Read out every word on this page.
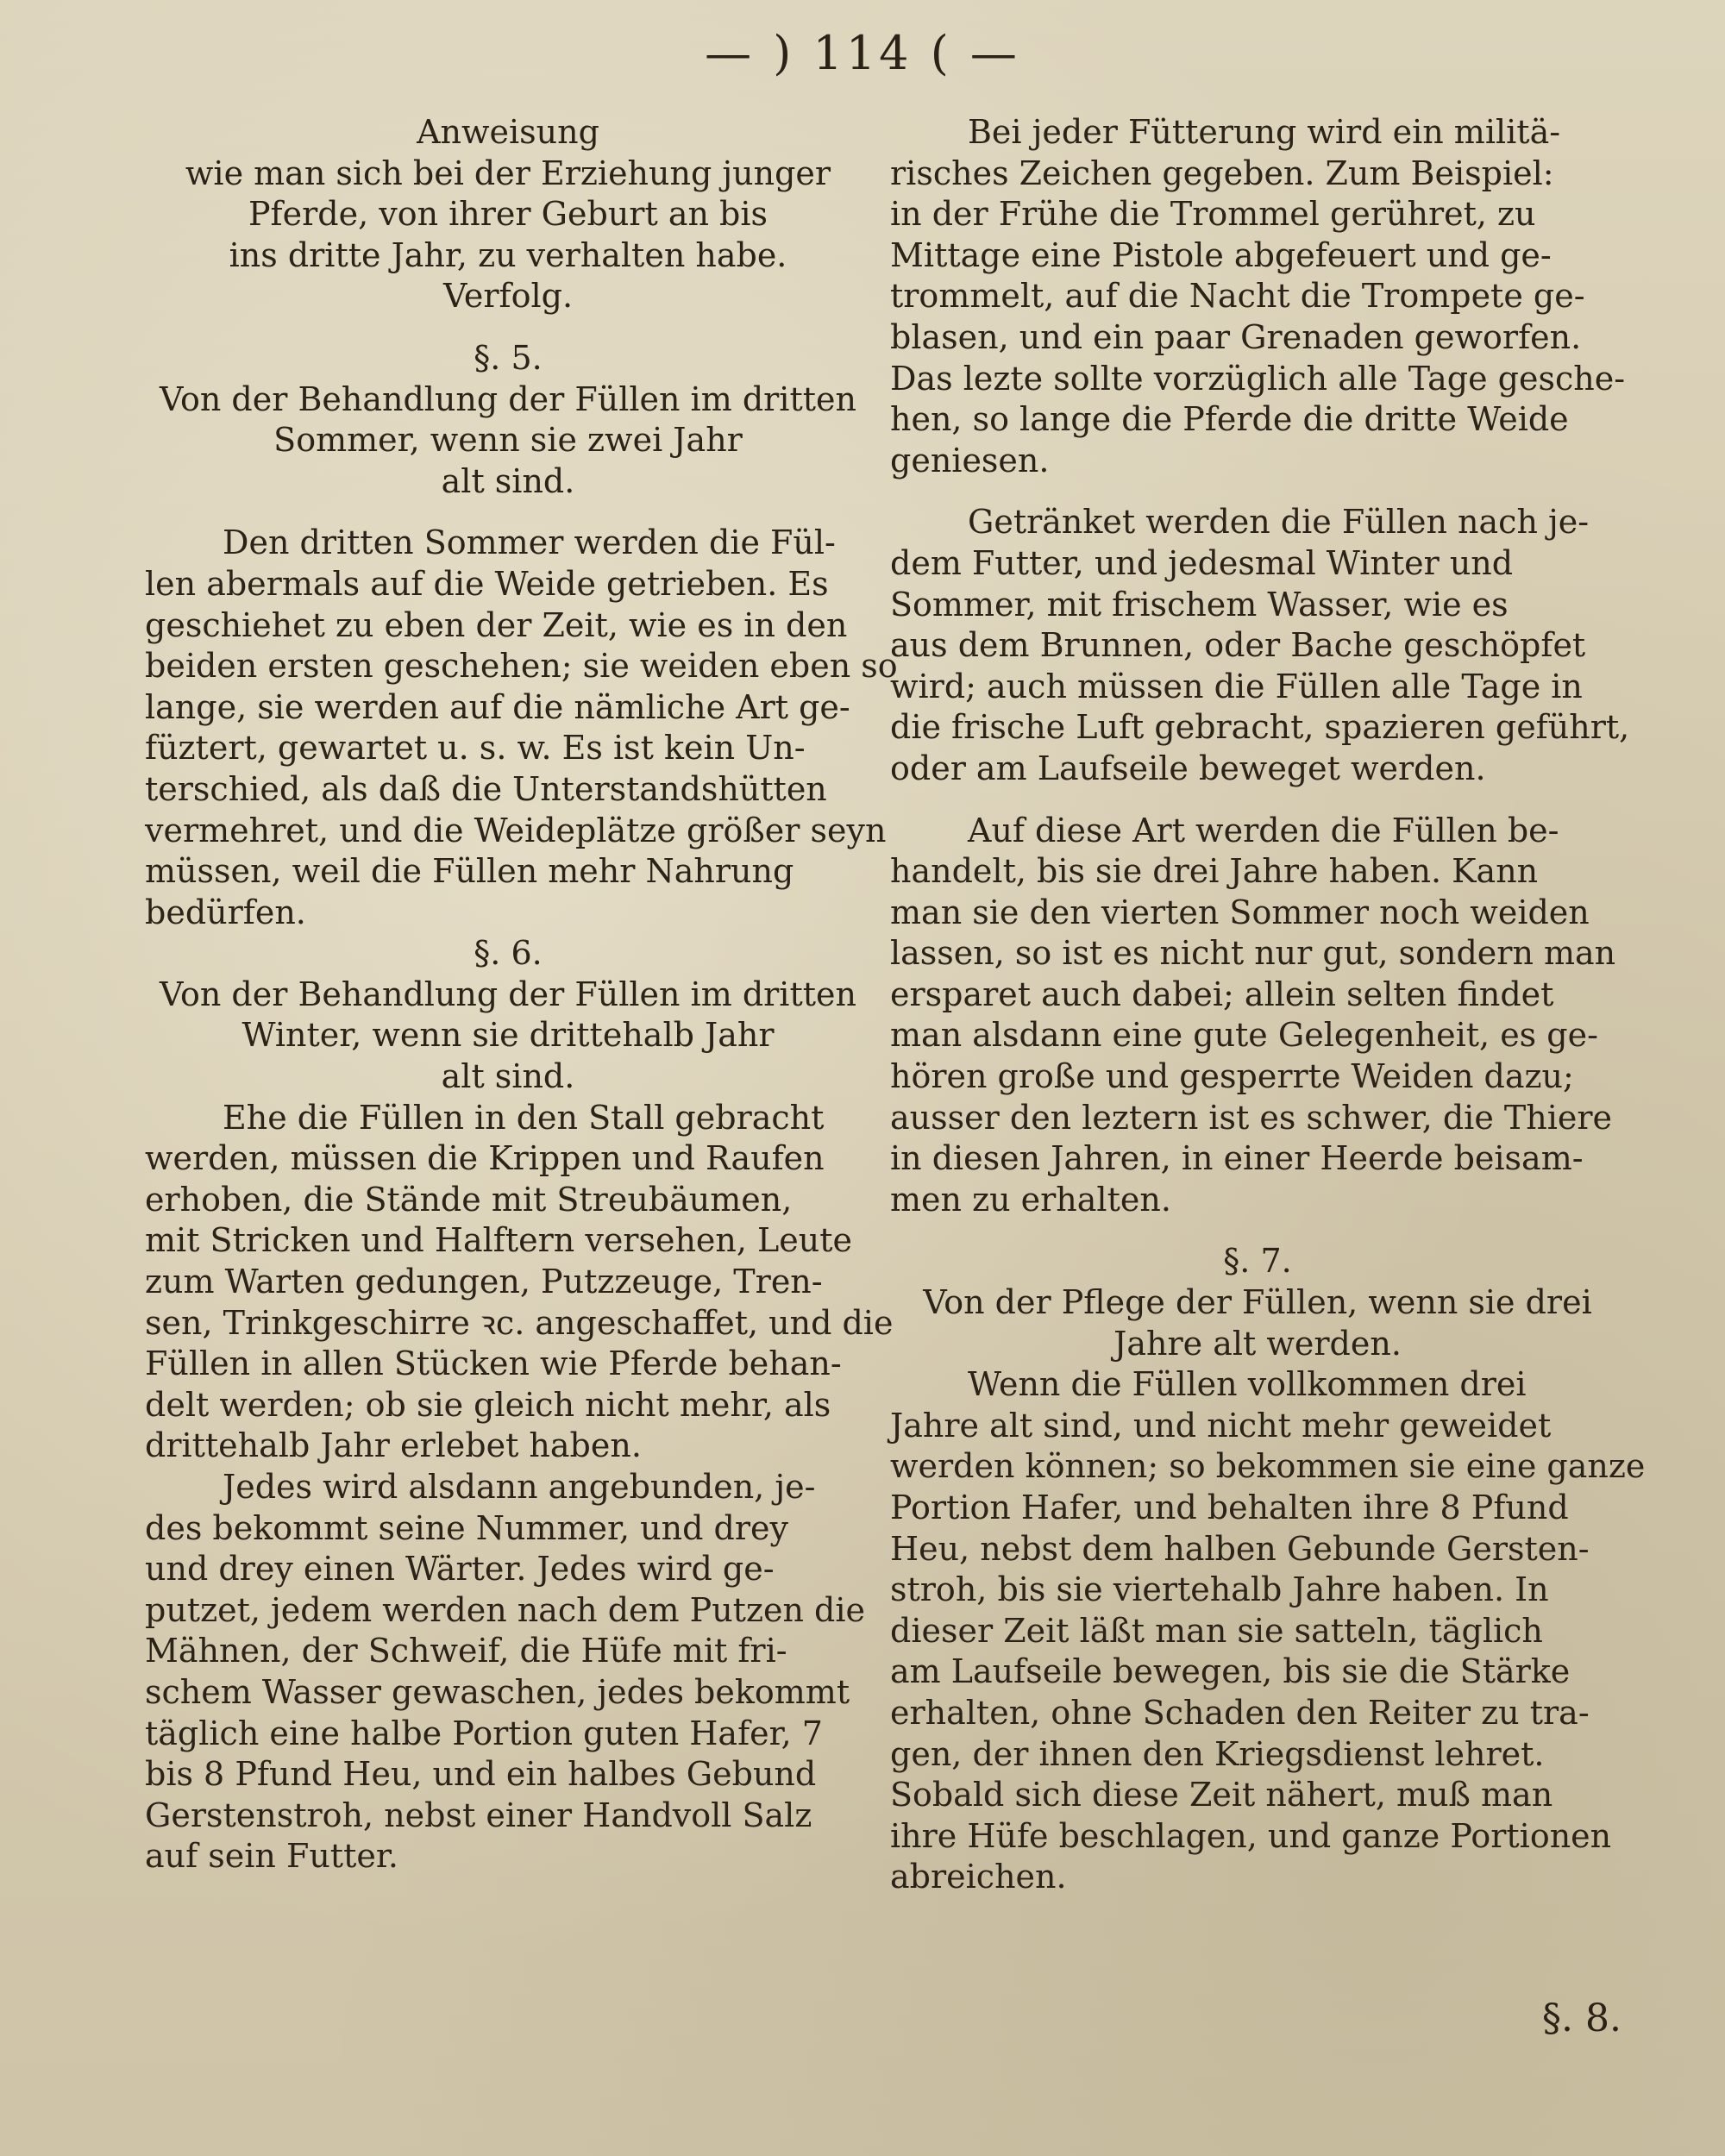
— ) 114 ( —
Anweisung
wie man sich bei der Erziehung junger
Pferde, von ihrer Geburt an bis
ins dritte Jahr, zu verhalten habe.
Verfolg.
§. 5.
Von der Behandlung der Füllen im dritten
Sommer, wenn sie zwei Jahr
alt sind.
Den dritten Sommer werden die Fül-
len abermals auf die Weide getrieben. Es
geschiehet zu eben der Zeit, wie es in den
beiden ersten geschehen; sie weiden eben so
lange, sie werden auf die nämliche Art ge-
füztert, gewartet u. s. w. Es ist kein Un-
terschied, als daß die Unterstandshütten
vermehret, und die Weideplätze größer seyn
müssen, weil die Füllen mehr Nahrung
bedürfen.
§. 6.
Von der Behandlung der Füllen im dritten
Winter, wenn sie drittehalb Jahr
alt sind.
Ehe die Füllen in den Stall gebracht
werden, müssen die Krippen und Raufen
erhoben, die Stände mit Streubäumen,
mit Stricken und Halftern versehen, Leute
zum Warten gedungen, Putzzeuge, Tren-
sen, Trinkgeschirre ꝛc. angeschaffet, und die
Füllen in allen Stücken wie Pferde behan-
delt werden; ob sie gleich nicht mehr, als
drittehalb Jahr erlebet haben.
Jedes wird alsdann angebunden, je-
des bekommt seine Nummer, und drey
und drey einen Wärter. Jedes wird ge-
putzet, jedem werden nach dem Putzen die
Mähnen, der Schweif, die Hüfe mit fri-
schem Wasser gewaschen, jedes bekommt
täglich eine halbe Portion guten Hafer, 7
bis 8 Pfund Heu, und ein halbes Gebund
Gerstenstroh, nebst einer Handvoll Salz
auf sein Futter.
Bei jeder Fütterung wird ein militä-
risches Zeichen gegeben. Zum Beispiel:
in der Frühe die Trommel gerühret, zu
Mittage eine Pistole abgefeuert und ge-
trommelt, auf die Nacht die Trompete ge-
blasen, und ein paar Grenaden geworfen.
Das lezte sollte vorzüglich alle Tage gesche-
hen, so lange die Pferde die dritte Weide
geniesen.
Getränket werden die Füllen nach je-
dem Futter, und jedesmal Winter und
Sommer, mit frischem Wasser, wie es
aus dem Brunnen, oder Bache geschöpfet
wird; auch müssen die Füllen alle Tage in
die frische Luft gebracht, spazieren geführt,
oder am Laufseile beweget werden.
Auf diese Art werden die Füllen be-
handelt, bis sie drei Jahre haben. Kann
man sie den vierten Sommer noch weiden
lassen, so ist es nicht nur gut, sondern man
ersparet auch dabei; allein selten findet
man alsdann eine gute Gelegenheit, es ge-
hören große und gesperrte Weiden dazu;
ausser den leztern ist es schwer, die Thiere
in diesen Jahren, in einer Heerde beisam-
men zu erhalten.
§. 7.
Von der Pflege der Füllen, wenn sie drei
Jahre alt werden.
Wenn die Füllen vollkommen drei
Jahre alt sind, und nicht mehr geweidet
werden können; so bekommen sie eine ganze
Portion Hafer, und behalten ihre 8 Pfund
Heu, nebst dem halben Gebunde Gersten-
stroh, bis sie viertehalb Jahre haben. In
dieser Zeit läßt man sie satteln, täglich
am Laufseile bewegen, bis sie die Stärke
erhalten, ohne Schaden den Reiter zu tra-
gen, der ihnen den Kriegsdienst lehret.
Sobald sich diese Zeit nähert, muß man
ihre Hüfe beschlagen, und ganze Portionen
abreichen.
§. 8.
